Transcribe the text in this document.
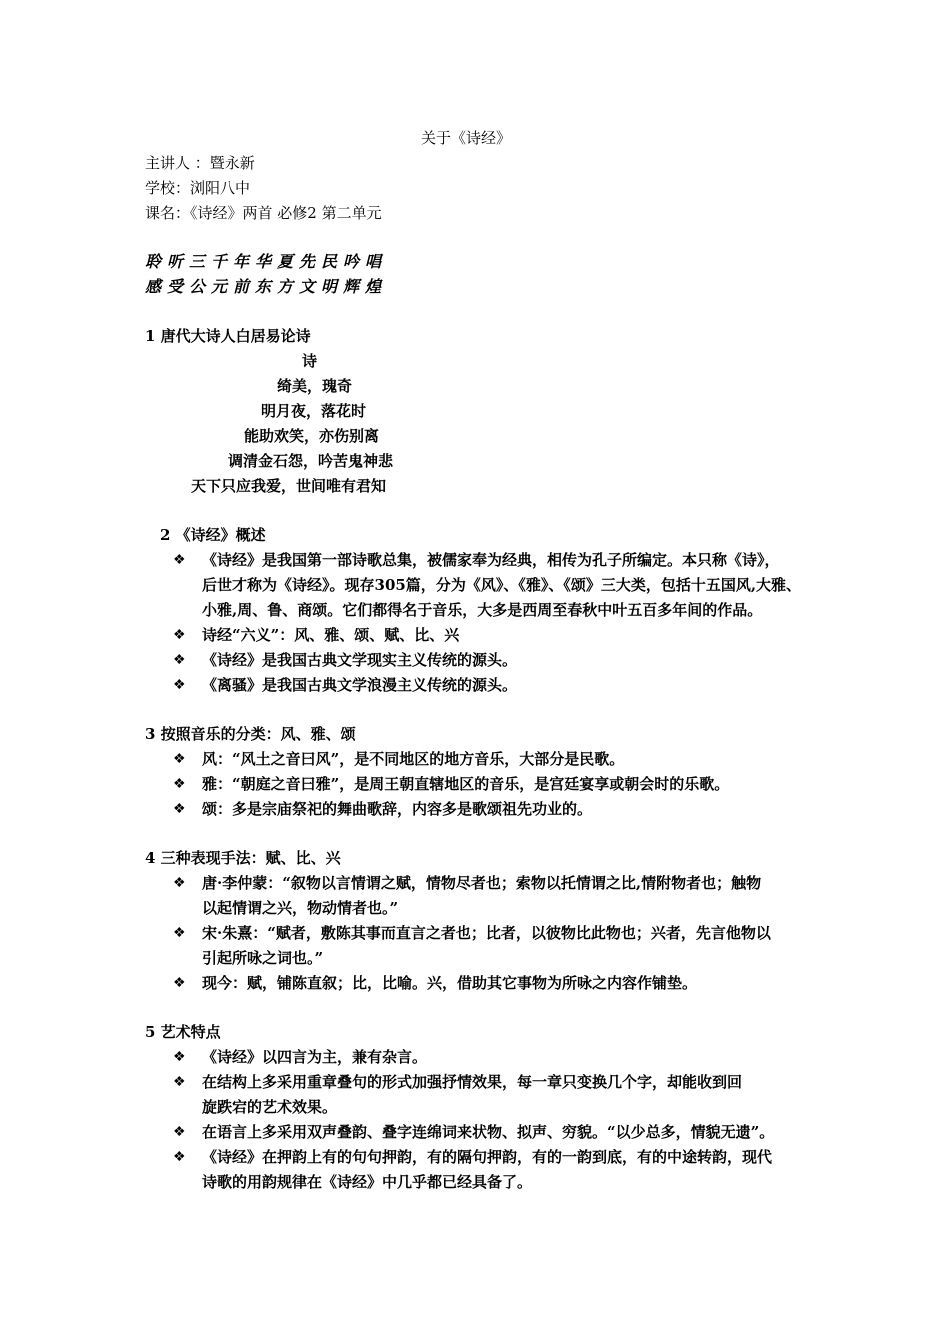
关于《诗经》
主讲人 ：暨永新
学校：浏阳八中
课名：《诗经》两首 必修2 第二单元
聆听三千年华夏先民吟唱
感受公元前东方文明辉煌
1 唐代大诗人白居易论诗
诗
绮美，瑰奇
明月夜，落花时
能助欢笑，亦伤别离
调清金石怨，吟苦鬼神悲
天下只应我爱，世间唯有君知
2 《诗经》概述
❖ 《诗经》是我国第一部诗歌总集，被儒家奉为经典，相传为孔子所编定。本只称《诗》，
后世才称为《诗经》。现存305篇，分为《风》、《雅》、《颂》三大类，包括十五国风,大雅、
小雅,周、鲁、商颂。它们都得名于音乐，大多是西周至春秋中叶五百多年间的作品。
❖ 诗经“六义”：风、雅、颂、赋、比、兴
❖ 《诗经》是我国古典文学现实主义传统的源头。
❖ 《离骚》是我国古典文学浪漫主义传统的源头。
3 按照音乐的分类：风、雅、颂
❖ 风：“风土之音曰风”，是不同地区的地方音乐，大部分是民歌。
❖ 雅：“朝庭之音曰雅”，是周王朝直辖地区的音乐，是宫廷宴享或朝会时的乐歌。
❖ 颂：多是宗庙祭祀的舞曲歌辞，内容多是歌颂祖先功业的。
4 三种表现手法：赋、比、兴
❖ 唐·李仲蒙：“叙物以言情谓之赋，情物尽者也；索物以托情谓之比,情附物者也；触物
以起情谓之兴，物动情者也。”
❖ 宋·朱熹：“赋者，敷陈其事而直言之者也；比者，以彼物比此物也；兴者，先言他物以
引起所咏之词也。”
❖ 现今：赋，铺陈直叙；比，比喻。兴，借助其它事物为所咏之内容作铺垫。
5 艺术特点
❖ 《诗经》以四言为主，兼有杂言。
❖ 在结构上多采用重章叠句的形式加强抒情效果，每一章只变换几个字，却能收到回
旋跌宕的艺术效果。
❖ 在语言上多采用双声叠韵、叠字连绵词来状物、拟声、穷貌。“以少总多，情貌无遗”。
❖ 《诗经》在押韵上有的句句押韵，有的隔句押韵，有的一韵到底，有的中途转韵，现代
诗歌的用韵规律在《诗经》中几乎都已经具备了。
